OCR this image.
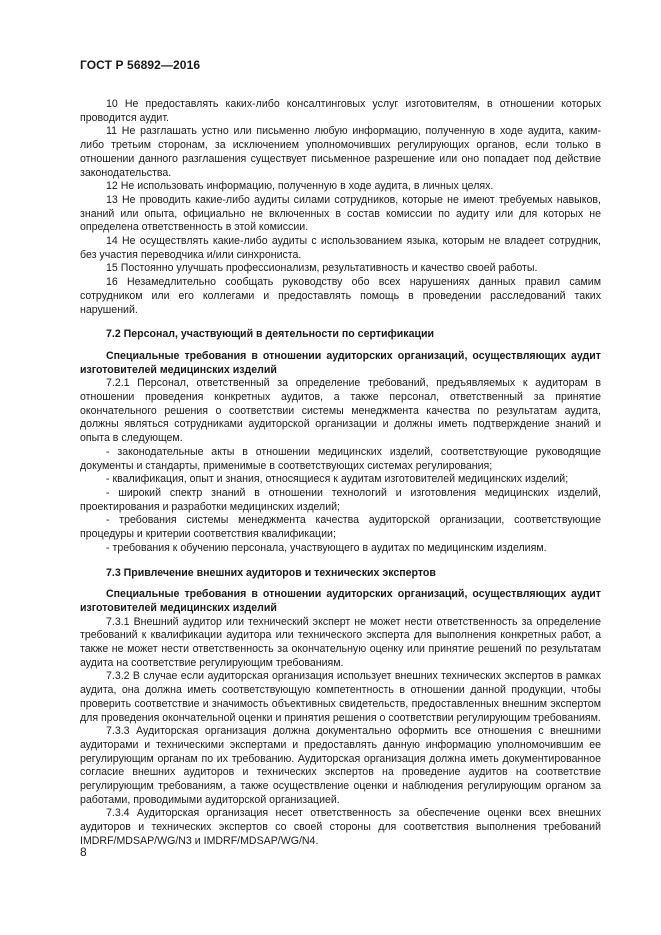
ГОСТ Р 56892—2016

10 Не предоставлять каких-либо консалтинговых услуг изготовителям, в отношении которых проводится аудит.

11 Не разглашать устно или письменно любую информацию, полученную в ходе аудита, каким-либо третьим сторонам, за исключением уполномочивших регулирующих органов, если только в отношении данного разглашения существует письменное разрешение или оно попадает под действие законодательства.

12 Не использовать информацию, полученную в ходе аудита, в личных целях.

13 Не проводить какие-либо аудиты силами сотрудников, которые не имеют требуемых навыков, знаний или опыта, официально не включенных в состав комиссии по аудиту или для которых не определена ответственность в этой комиссии.

14 Не осуществлять какие-либо аудиты с использованием языка, которым не владеет сотрудник, без участия переводчика и/или синхрониста.

15 Постоянно улучшать профессионализм, результативность и качество своей работы.

16 Незамедлительно сообщать руководству обо всех нарушениях данных правил самим сотрудником или его коллегами и предоставлять помощь в проведении расследований таких нарушений.

7.2 Персонал, участвующий в деятельности по сертификации

Специальные требования в отношении аудиторских организаций, осуществляющих аудит изготовителей медицинских изделий

7.2.1 Персонал, ответственный за определение требований, предъявляемых к аудиторам в отношении проведения конкретных аудитов, а также персонал, ответственный за принятие окончательного решения о соответствии системы менеджмента качества по результатам аудита, должны являться сотрудниками аудиторской организации и должны иметь подтверждение знаний и опыта в следующем.

- законодательные акты в отношении медицинских изделий, соответствующие руководящие документы и стандарты, применимые в соответствующих системах регулирования;

- квалификация, опыт и знания, относящиеся к аудитам изготовителей медицинских изделий;

- широкий спектр знаний в отношении технологий и изготовления медицинских изделий, проектирования и разработки медицинских изделий;

- требования системы менеджмента качества аудиторской организации, соответствующие процедуры и критерии соответствия квалификации;

- требования к обучению персонала, участвующего в аудитах по медицинским изделиям.

7.3 Привлечение внешних аудиторов и технических экспертов

Специальные требования в отношении аудиторских организаций, осуществляющих аудит изготовителей медицинских изделий

7.3.1 Внешний аудитор или технический эксперт не может нести ответственность за определение требований к квалификации аудитора или технического эксперта для выполнения конкретных работ, а также не может нести ответственность за окончательную оценку или принятие решений по результатам аудита на соответствие регулирующим требованиям.

7.3.2 В случае если аудиторская организация использует внешних технических экспертов в рамках аудита, она должна иметь соответствующую компетентность в отношении данной продукции, чтобы проверить соответствие и значимость объективных свидетельств, предоставленных внешним экспертом для проведения окончательной оценки и принятия решения о соответствии регулирующим требованиям.

7.3.3 Аудиторская организация должна документально оформить все отношения с внешними аудиторами и техническими экспертами и предоставлять данную информацию уполномочившим ее регулирующим органам по их требованию. Аудиторская организация должна иметь документированное согласие внешних аудиторов и технических экспертов на проведение аудитов на соответствие регулирующим требованиям, а также осуществление оценки и наблюдения регулирующим органом за работами, проводимыми аудиторской организацией.

7.3.4 Аудиторская организация несет ответственность за обеспечение оценки всех внешних аудиторов и технических экспертов со своей стороны для соответствия выполнения требований IMDRF/MDSAP/WG/N3 и IMDRF/MDSAP/WG/N4.

8
